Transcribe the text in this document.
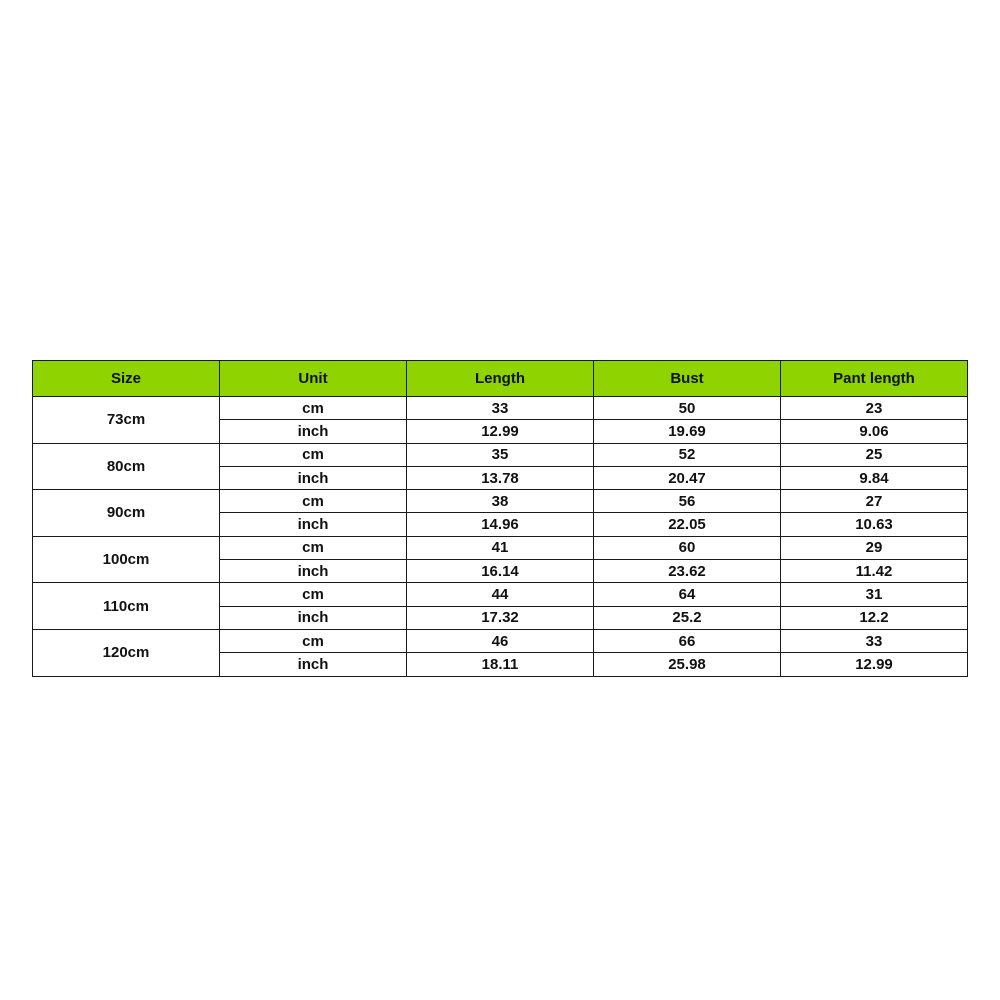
Size	Unit	Length	Bust	Pant length
73cm	cm	33	50	23
	inch	12.99	19.69	9.06
80cm	cm	35	52	25
	inch	13.78	20.47	9.84
90cm	cm	38	56	27
	inch	14.96	22.05	10.63
100cm	cm	41	60	29
	inch	16.14	23.62	11.42
110cm	cm	44	64	31
	inch	17.32	25.2	12.2
120cm	cm	46	66	33
	inch	18.11	25.98	12.99
